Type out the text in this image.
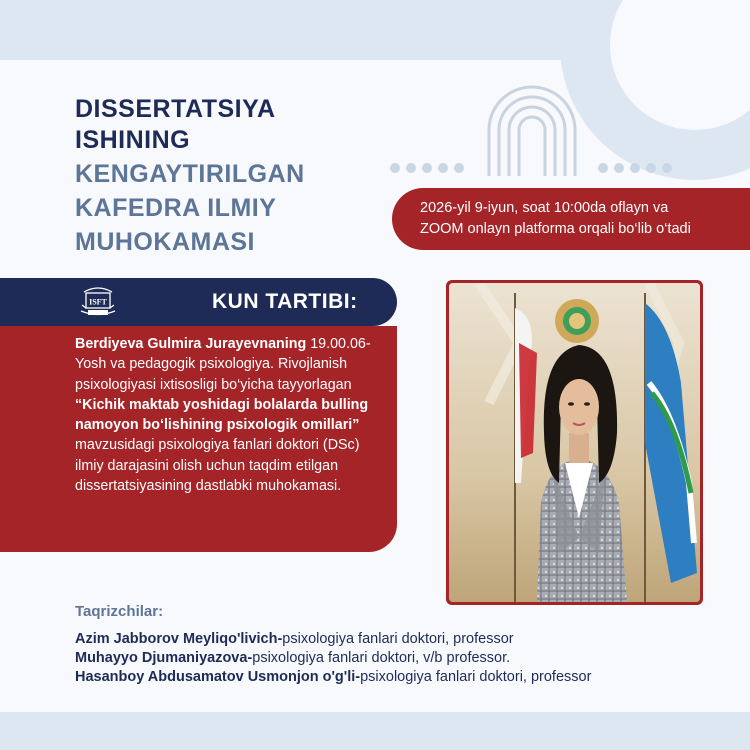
DISSERTATSIYA
ISHINING
KENGAYTIRILGAN
KAFEDRA ILMIY
MUHOKAMASI
2026-yil 9-iyun, soat 10:00da oflayn va
ZOOM onlayn platforma orqali bo‘lib o‘tadi
ISFT	KUN TARTIBI:
Berdiyeva Gulmira Jurayevnaning 19.00.06-Yosh va pedagogik psixologiya. Rivojlanish psixologiyasi ixtisosligi bo‘yicha tayyorlagan “Kichik maktab yoshidagi bolalarda bulling namoyon bo‘lishining psixologik omillari” mavzusidagi psixologiya fanlari doktori (DSc) ilmiy darajasini olish uchun taqdim etilgan dissertatsiyasining dastlabki muhokamasi.
Taqrizchilar:
Azim Jabborov Meyliqo'livich-psixologiya fanlari doktori, professor
Muhayyo Djumaniyazova-psixologiya fanlari doktori, v/b professor.
Hasanboy Abdusamatov Usmonjon o'g'li-psixologiya fanlari doktori, professor
